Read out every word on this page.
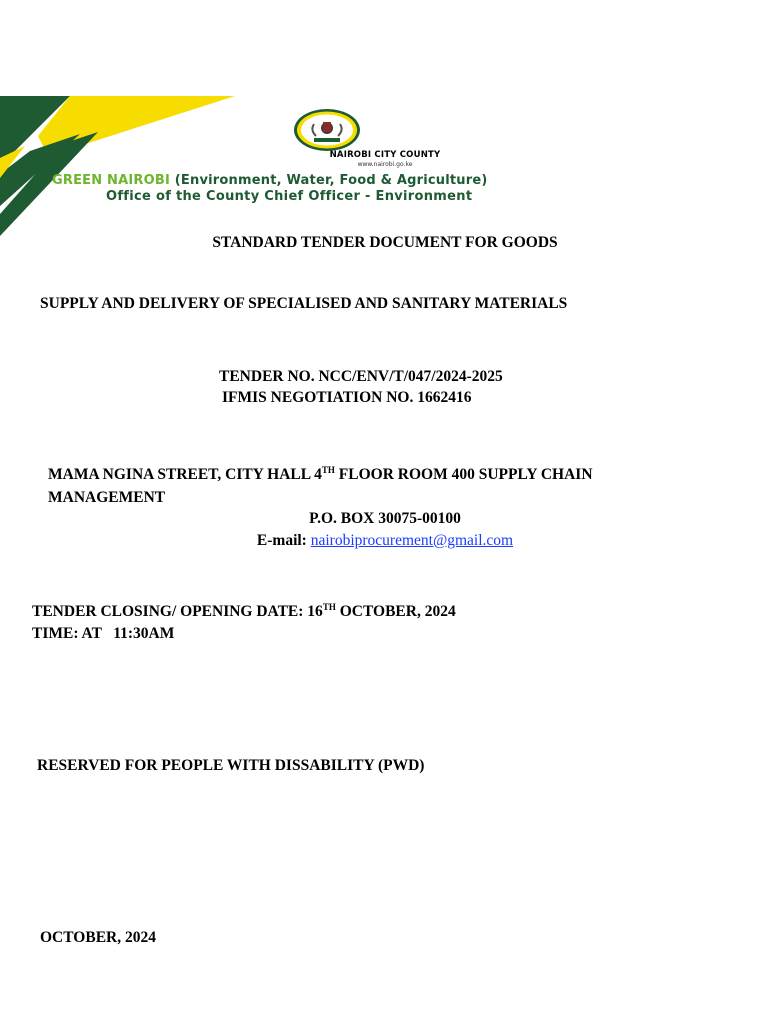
NAIROBI CITY COUNTY
www.nairobi.go.ke
GREEN NAIROBI (Environment, Water, Food & Agriculture)
Office of the County Chief Officer - Environment
STANDARD TENDER DOCUMENT FOR GOODS
SUPPLY AND DELIVERY OF SPECIALISED AND SANITARY MATERIALS
TENDER NO. NCC/ENV/T/047/2024-2025
IFMIS NEGOTIATION NO. 1662416
MAMA NGINA STREET, CITY HALL 4TH FLOOR ROOM 400 SUPPLY CHAIN
MANAGEMENT
P.O. BOX 30075-00100
E-mail: nairobiprocurement@gmail.com
TENDER CLOSING/ OPENING DATE: 16TH OCTOBER, 2024
TIME: AT   11:30AM
RESERVED FOR PEOPLE WITH DISSABILITY (PWD)
OCTOBER, 2024
